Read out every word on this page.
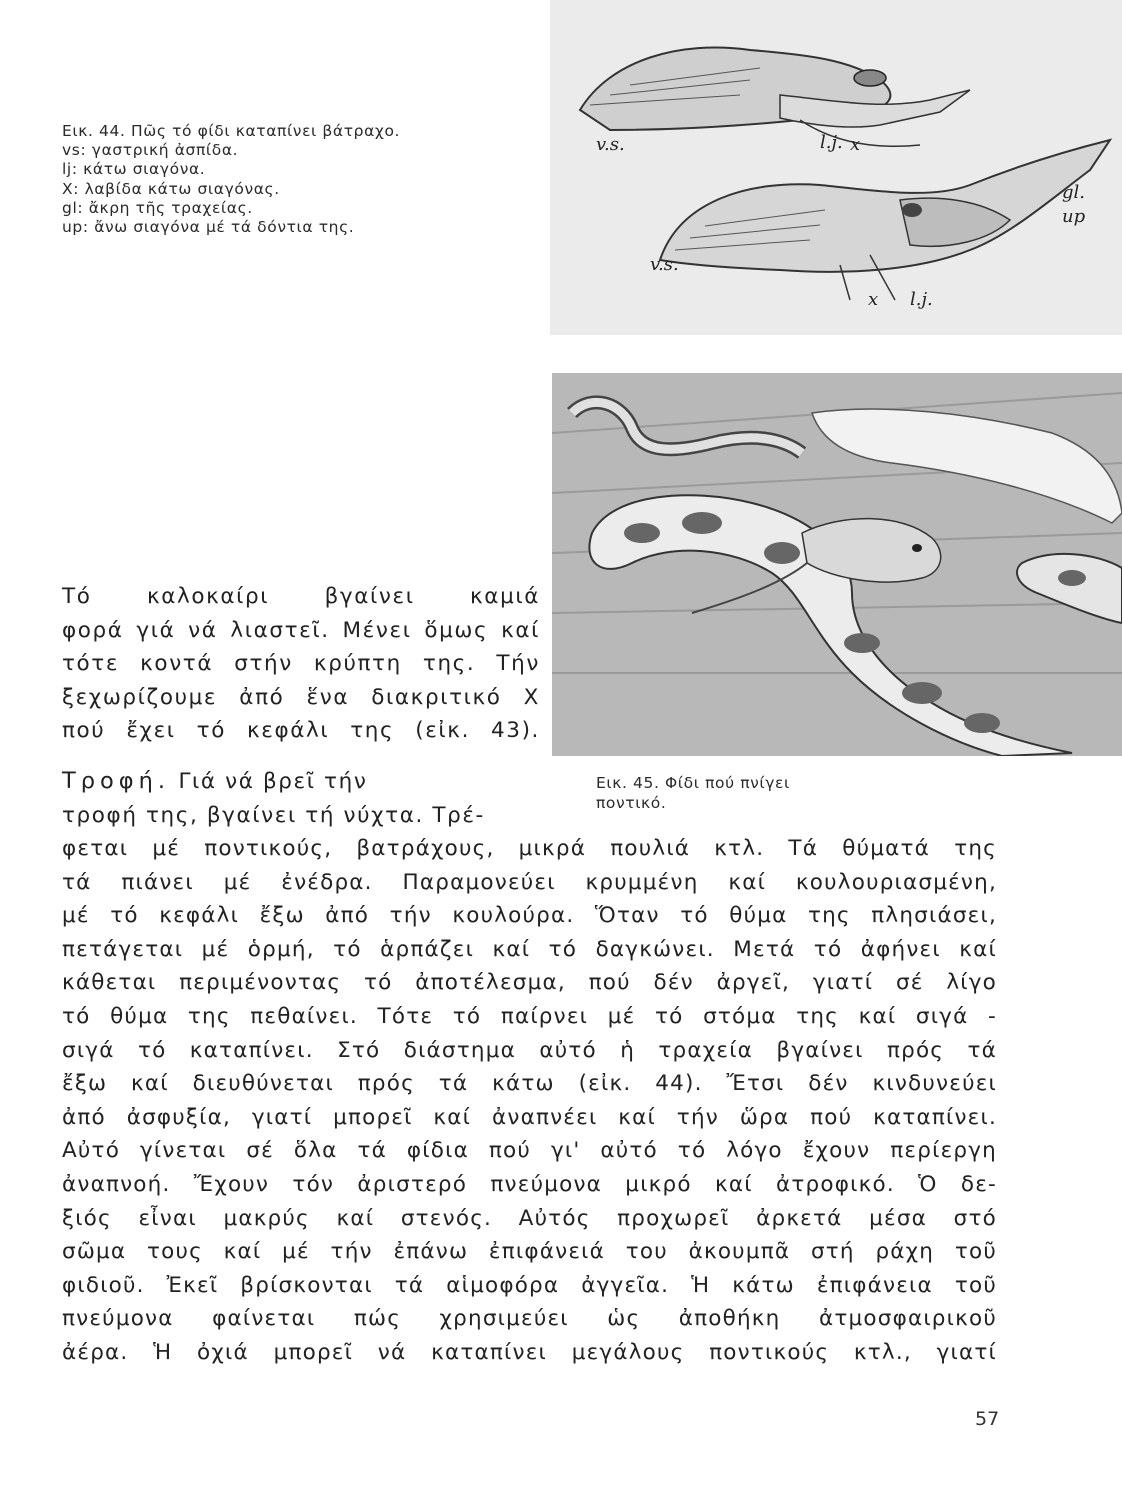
Εικ. 44. Πῶς τό φίδι καταπίνει βάτραχο.
vs: γαστρική ἀσπίδα.
lj: κάτω σιαγόνα.
X: λαβίδα κάτω σιαγόνας.
gl: ἄκρη τῆς τραχείας.
up: ἄνω σιαγόνα μέ τά δόντια της.
v.s.	l.j. x
gl.
up
v.s.
x l.j.
Εικ. 45. Φίδι πού πνίγει
ποντικό.
Τό καλοκαίρι βγαίνει καμιά
φορά γιά νά λιαστεῖ. Μένει ὅμως καί
τότε κοντά στήν κρύπτη της. Τήν
ξεχωρίζουμε ἀπό ἕνα διακριτικό Χ
πού ἔχει τό κεφάλι της (εἰκ. 43).
Τροφή. Γιά νά βρεῖ τήν
τροφή της, βγαίνει τή νύχτα. Τρέ-
φεται μέ ποντικούς, βατράχους, μικρά πουλιά κτλ. Τά θύματά της
τά πιάνει μέ ἐνέδρα. Παραμονεύει κρυμμένη καί κουλουριασμένη,
μέ τό κεφάλι ἔξω ἀπό τήν κουλούρα. Ὅταν τό θύμα της πλησιάσει,
πετάγεται μέ ὁρμή, τό ἁρπάζει καί τό δαγκώνει. Μετά τό ἀφήνει καί
κάθεται περιμένοντας τό ἀποτέλεσμα, πού δέν ἀργεῖ, γιατί σέ λίγο
τό θύμα της πεθαίνει. Τότε τό παίρνει μέ τό στόμα της καί σιγά -
σιγά τό καταπίνει. Στό διάστημα αὐτό ἡ τραχεία βγαίνει πρός τά
ἔξω καί διευθύνεται πρός τά κάτω (εἰκ. 44). Ἔτσι δέν κινδυνεύει
ἀπό ἀσφυξία, γιατί μπορεῖ καί ἀναπνέει καί τήν ὥρα πού καταπίνει.
Αὐτό γίνεται σέ ὅλα τά φίδια πού γι' αὐτό τό λόγο ἔχουν περίεργη
ἀναπνοή. Ἔχουν τόν ἀριστερό πνεύμονα μικρό καί ἀτροφικό. Ὁ δε-
ξιός εἶναι μακρύς καί στενός. Αὐτός προχωρεῖ ἀρκετά μέσα στό
σῶμα τους καί μέ τήν ἐπάνω ἐπιφάνειά του ἀκουμπᾶ στή ράχη τοῦ
φιδιοῦ. Ἐκεῖ βρίσκονται τά αἱμοφόρα ἀγγεῖα. Ἡ κάτω ἐπιφάνεια τοῦ
πνεύμονα φαίνεται πώς χρησιμεύει ὡς ἀποθήκη ἀτμοσφαιρικοῦ
ἀέρα. Ἡ ὀχιά μπορεῖ νά καταπίνει μεγάλους ποντικούς κτλ., γιατί
57
